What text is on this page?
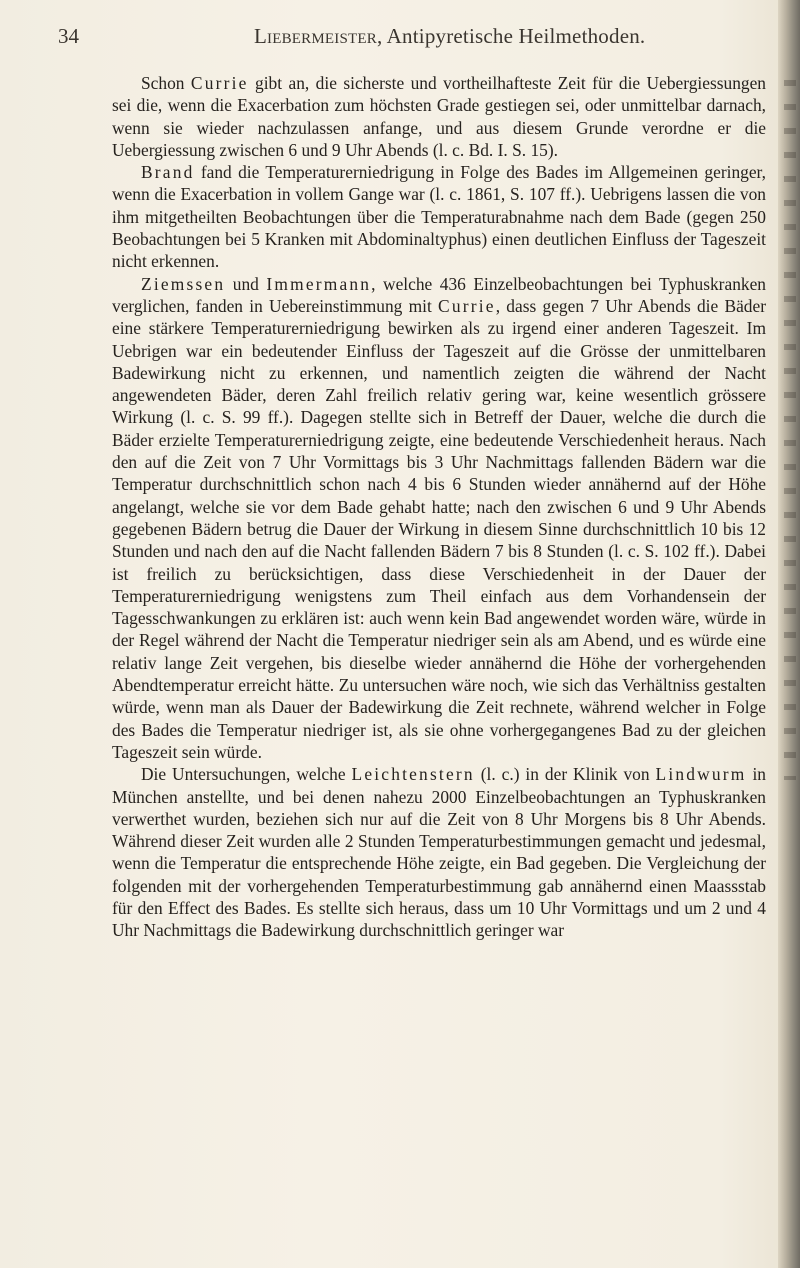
34	Liebermeister, Antipyretische Heilmethoden.

Schon Currie gibt an, die sicherste und vortheilhafteste Zeit für die Uebergiessungen sei die, wenn die Exacerbation zum höchsten Grade gestiegen sei, oder unmittelbar darnach, wenn sie wieder nachzulassen anfange, und aus diesem Grunde verordne er die Uebergiessung zwischen 6 und 9 Uhr Abends (l. c. Bd. I. S. 15).

Brand fand die Temperaturerniedrigung in Folge des Bades im Allgemeinen geringer, wenn die Exacerbation in vollem Gange war (l. c. 1861, S. 107 ff.). Uebrigens lassen die von ihm mitgetheilten Beobachtungen über die Temperaturabnahme nach dem Bade (gegen 250 Beobachtungen bei 5 Kranken mit Abdominaltyphus) einen deutlichen Einfluss der Tageszeit nicht erkennen.

Ziemssen und Immermann, welche 436 Einzelbeobachtungen bei Typhuskranken verglichen, fanden in Uebereinstimmung mit Currie, dass gegen 7 Uhr Abends die Bäder eine stärkere Temperaturerniedrigung bewirken als zu irgend einer anderen Tageszeit. Im Uebrigen war ein bedeutender Einfluss der Tageszeit auf die Grösse der unmittelbaren Badewirkung nicht zu erkennen, und namentlich zeigten die während der Nacht angewendeten Bäder, deren Zahl freilich relativ gering war, keine wesentlich grössere Wirkung (l. c. S. 99 ff.). Dagegen stellte sich in Betreff der Dauer, welche die durch die Bäder erzielte Temperaturerniedrigung zeigte, eine bedeutende Verschiedenheit heraus. Nach den auf die Zeit von 7 Uhr Vormittags bis 3 Uhr Nachmittags fallenden Bädern war die Temperatur durchschnittlich schon nach 4 bis 6 Stunden wieder annähernd auf der Höhe angelangt, welche sie vor dem Bade gehabt hatte; nach den zwischen 6 und 9 Uhr Abends gegebenen Bädern betrug die Dauer der Wirkung in diesem Sinne durchschnittlich 10 bis 12 Stunden und nach den auf die Nacht fallenden Bädern 7 bis 8 Stunden (l. c. S. 102 ff.). Dabei ist freilich zu berücksichtigen, dass diese Verschiedenheit in der Dauer der Temperaturerniedrigung wenigstens zum Theil einfach aus dem Vorhandensein der Tagesschwankungen zu erklären ist: auch wenn kein Bad angewendet worden wäre, würde in der Regel während der Nacht die Temperatur niedriger sein als am Abend, und es würde eine relativ lange Zeit vergehen, bis dieselbe wieder annähernd die Höhe der vorhergehenden Abendtemperatur erreicht hätte. Zu untersuchen wäre noch, wie sich das Verhältniss gestalten würde, wenn man als Dauer der Badewirkung die Zeit rechnete, während welcher in Folge des Bades die Temperatur niedriger ist, als sie ohne vorhergegangenes Bad zu der gleichen Tageszeit sein würde.

Die Untersuchungen, welche Leichtenstern (l. c.) in der Klinik von Lindwurm in München anstellte, und bei denen nahezu 2000 Einzelbeobachtungen an Typhuskranken verwerthet wurden, beziehen sich nur auf die Zeit von 8 Uhr Morgens bis 8 Uhr Abends. Während dieser Zeit wurden alle 2 Stunden Temperaturbestimmungen gemacht und jedesmal, wenn die Temperatur die entsprechende Höhe zeigte, ein Bad gegeben. Die Vergleichung der folgenden mit der vorhergehenden Temperaturbestimmung gab annähernd einen Maassstab für den Effect des Bades. Es stellte sich heraus, dass um 10 Uhr Vormittags und um 2 und 4 Uhr Nachmittags die Badewirkung durchschnittlich geringer war
